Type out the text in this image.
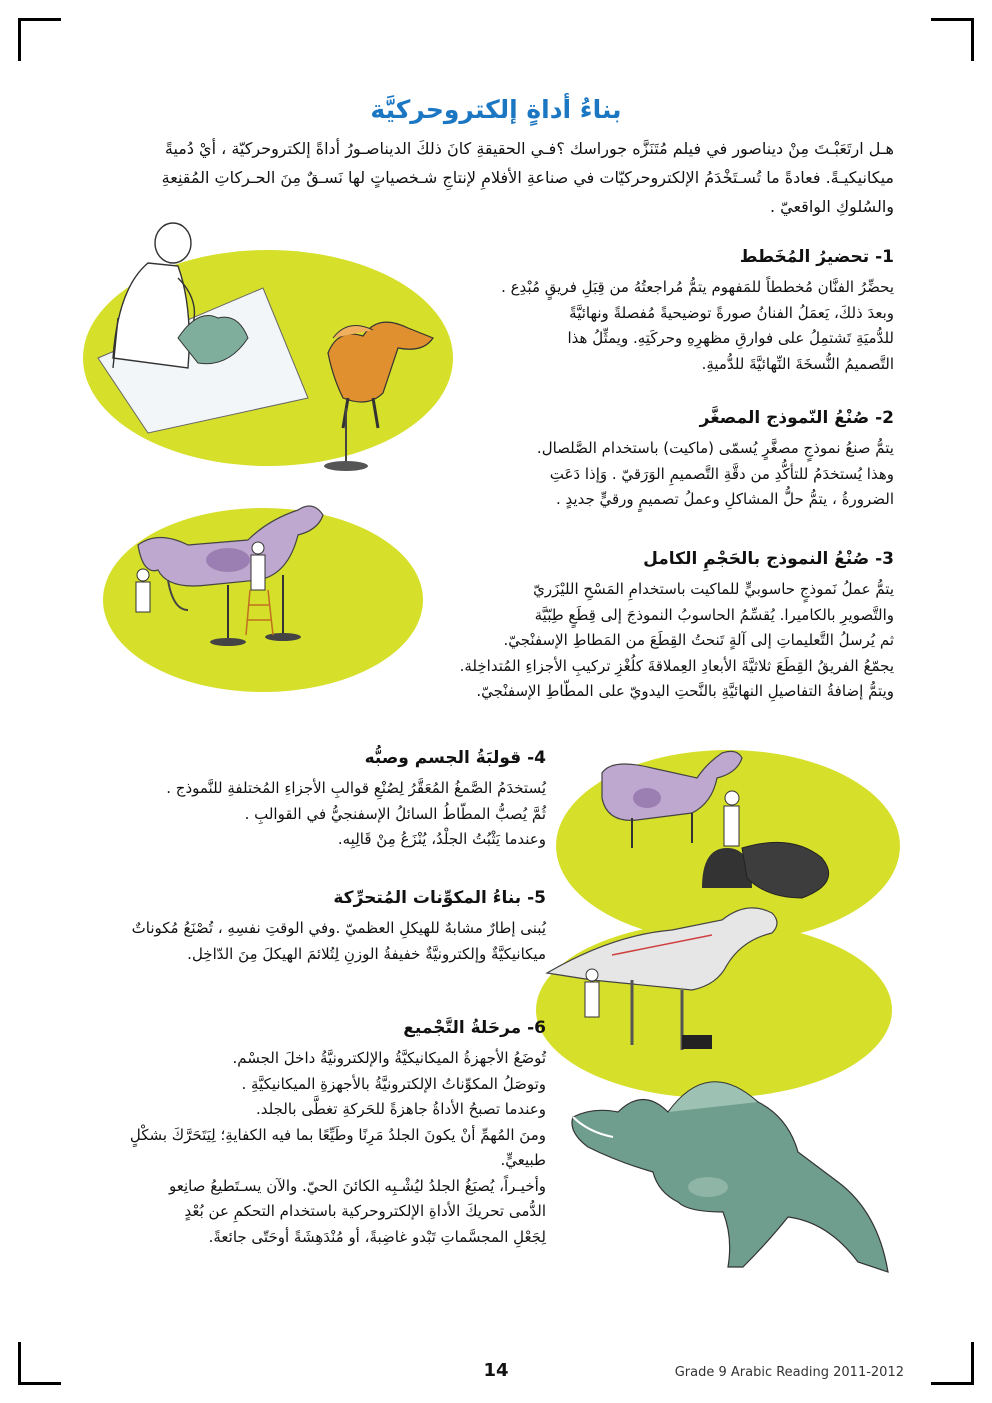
بناءُ أداةٍ إلكتروحركيَّة

هـل ارتَعَبْـتَ مِنْ ديناصور في فيلم مُتَنَزَّه جوراسك ؟فـي الحقيقةِ كانَ ذلكَ الديناصـورُ أداةً إلكتروحركيّة ، أيْ دُميةً

ميكانيكيـةً. فعادةً ما تُسـتَخْدَمُ الإلكتروحركيّات في صناعةِ الأفلامِ لإنتاجِ شـخصياتٍ لها نَسـقٌ مِنَ الحـركاتِ المُقنِعةِ

والسُلوكِ الواقعيّ .

1- تحضيرُ المُخَطط

يحضِّرُ الفنَّان مُخططاً للمَفهوم يتمُّ مُراجعتُهُ من قِبَلِ فريقٍ مُبْدِع .

وبعدَ ذلكَ، يَعمَلُ الفنانُ صورةً توضيحيةً مُفصلةً ونهائيَّةً

للدُّميَةِ تَشتمِلُ على فوارقِ مظهرِهِ وحركَتِهِ. ويمثِّلُ هذا

التَّصميمُ النُّسخَةَ النِّهائيَّةَ للدُّميةِ.

2- صُنْعُ النّموذج المصغَّر

يتمُّ صنعُ نموذجٍ مصغَّرٍ يُسمّى (ماكيت) باستخدام الصَّلصال.

وهذا يُستخدَمُ للتأكُّدِ من دقَّةِ التَّصميمِ الوَرَقيّ . وَإذا دَعَتِ

الضرورةُ ، يتمُّ حلُّ المشاكلِ وعملُ تصميمٍ ورقيٍّ جديدٍ .

3- صُنْعُ النموذج بالحَجْمِ الكامل

يتمُّ عملُ نَموذجٍ حاسوبيٍّ للماكيت باستخدامِ المَسْحِ الليْزَريّ

والتَّصويرِ بالكاميرا. يُقسِّمُ الحاسوبُ النموذجَ إلى قِطَعٍ طِبّيَّة

ثم يُرسلُ التَّعليماتِ إلى آلةٍ تَنحتُ القِطَعَ من المَطاطِ الإسفنْجيّ.

يجمّعُ الفريقُ القِطَعَ ثلاثيَّةَ الأبعادِ العِملاقةَ كلُغْزِ تركيبِ الأجزاءِ المُتداخِلة.

ويتمُّ إضافةُ التفاصيلِ النهائيَّةِ بالنَّحتِ اليدويّ على المطّاطِ الإسفنْجيّ.

4- قولبَةُ الجسم وصبُّه

يُستخدَمُ الصَّمغُ المُعَقَّرُ لِصُنْعِ قوالبِ الأجزاءِ المُختلفةِ للنَّموذج .

ثُمَّ يُصبُّ المطّاطُ السائلُ الإسفنجيُّ في القوالبِ .

وعندما يَثْبُتُ الجلْدُ، يُنْزَعُ مِنْ قَالِبِه.

5- بناءُ المكوِّنات المُتحرِّكة

يُبنى إطارٌ مشابهٌ للهيكلِ العظميّ .وفي الوقتِ نفسِهِ ، تُصْنَعُ مُكوناتٌ

ميكانيكيَّةٌ وإلكترونيَّةٌ خفيفةُ الوزنِ لِتُلائمَ الهيكلَ مِنَ الدّاخِل.

6- مرحَلةُ التَّجْميع

تُوضَعُ الأجهزةُ الميكانيكيَّةُ والإلكترونيَّةُ داخلَ الجسْم.

وتوصَلُ المكوِّناتُ الإلكترونيَّةُ بالأجهزةِ الميكانيكيَّةِ .

وعندما تصبحُ الأداةُ جاهزةً للحَركةِ تغطَّى بالجلد.

ومنَ المُهمِّ أنْ يكونَ الجلدُ مَرِنًا وطَيِّعًا بما فيه الكفايةِ؛ لِيَتَحَرَّكَ بشكْلٍ

طبيعيٍّ.

وأخيـراً، يُصبَغُ الجلدُ ليُشْـبِه الكائنَ الحيّ. والآن يسـتَطيعُ صانِعو

الدُّمى تحريكَ الأداةِ الإلكتروحركية باستخدام التحكمِ عن بُعْدٍ

لِجَعْلِ المجسَّماتِ تَبْدو غاضِبةً، أو مُنْدَهِشَةً أوحَتّى جائعةً.

14	Grade 9 Arabic Reading 2011-2012
